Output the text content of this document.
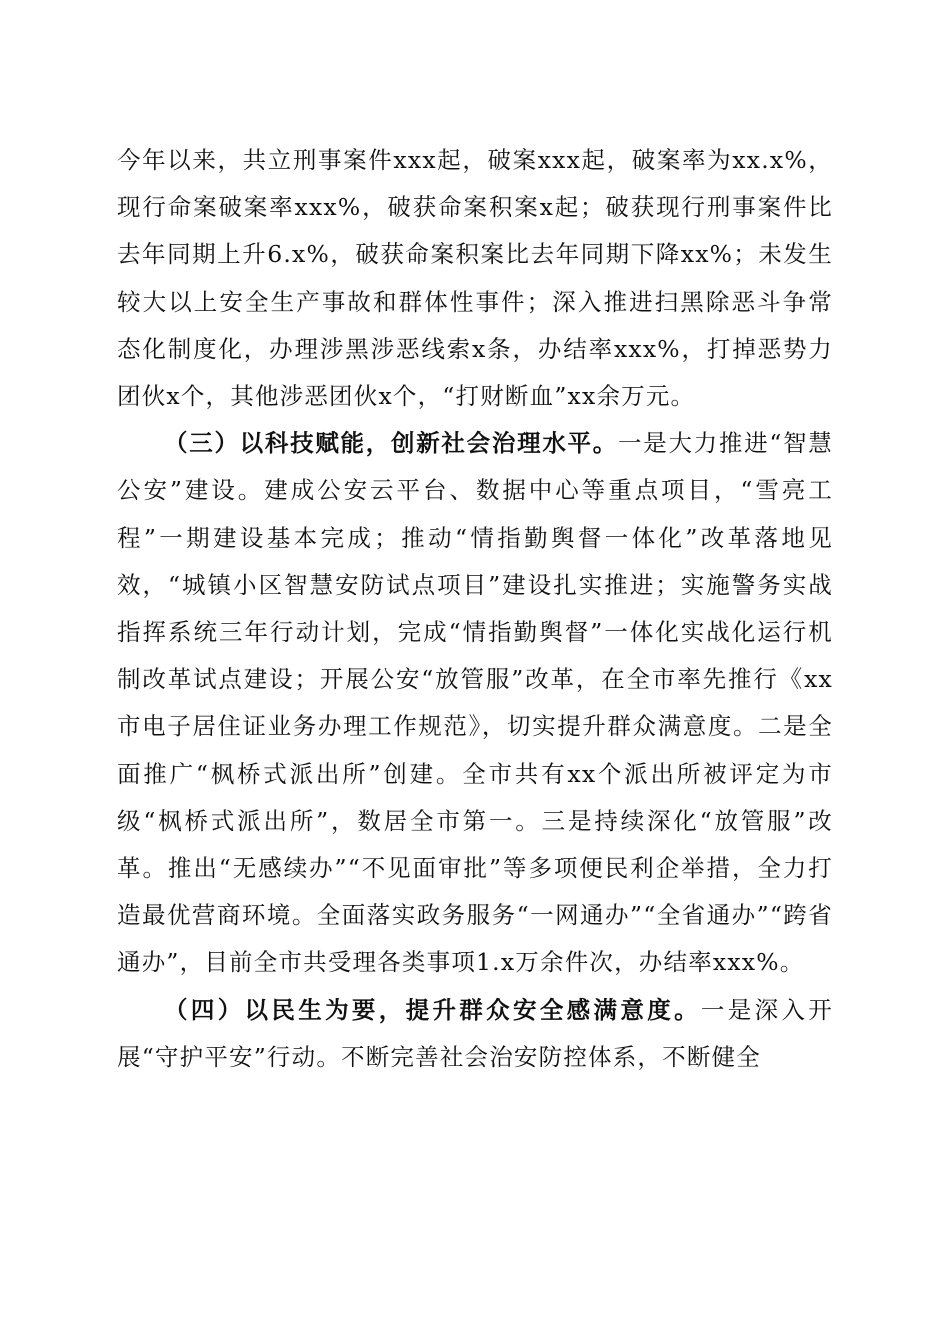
今年以来，共立刑事案件xxx起，破案xxx起，破案率为xx.x%，现行命案破案率xxx%，破获命案积案x起；破获现行刑事案件比去年同期上升6.x%，破获命案积案比去年同期下降xx%；未发生较大以上安全生产事故和群体性事件；深入推进扫黑除恶斗争常态化制度化，办理涉黑涉恶线索x条，办结率xxx%，打掉恶势力团伙x个，其他涉恶团伙x个，“打财断血”xx余万元。

（三）以科技赋能，创新社会治理水平。一是大力推进“智慧公安”建设。建成公安云平台、数据中心等重点项目，“雪亮工程”一期建设基本完成；推动“情指勤舆督一体化”改革落地见效，“城镇小区智慧安防试点项目”建设扎实推进；实施警务实战指挥系统三年行动计划，完成“情指勤舆督”一体化实战化运行机制改革试点建设；开展公安“放管服”改革，在全市率先推行《xx市电子居住证业务办理工作规范》，切实提升群众满意度。二是全面推广“枫桥式派出所”创建。全市共有xx个派出所被评定为市级“枫桥式派出所”，数居全市第一。三是持续深化“放管服”改革。推出“无感续办”“不见面审批”等多项便民利企举措，全力打造最优营商环境。全面落实政务服务“一网通办”“全省通办”“跨省通办”，目前全市共受理各类事项1.x万余件次，办结率xxx%。

（四）以民生为要，提升群众安全感满意度。一是深入开展“守护平安”行动。不断完善社会治安防控体系，不断健全
